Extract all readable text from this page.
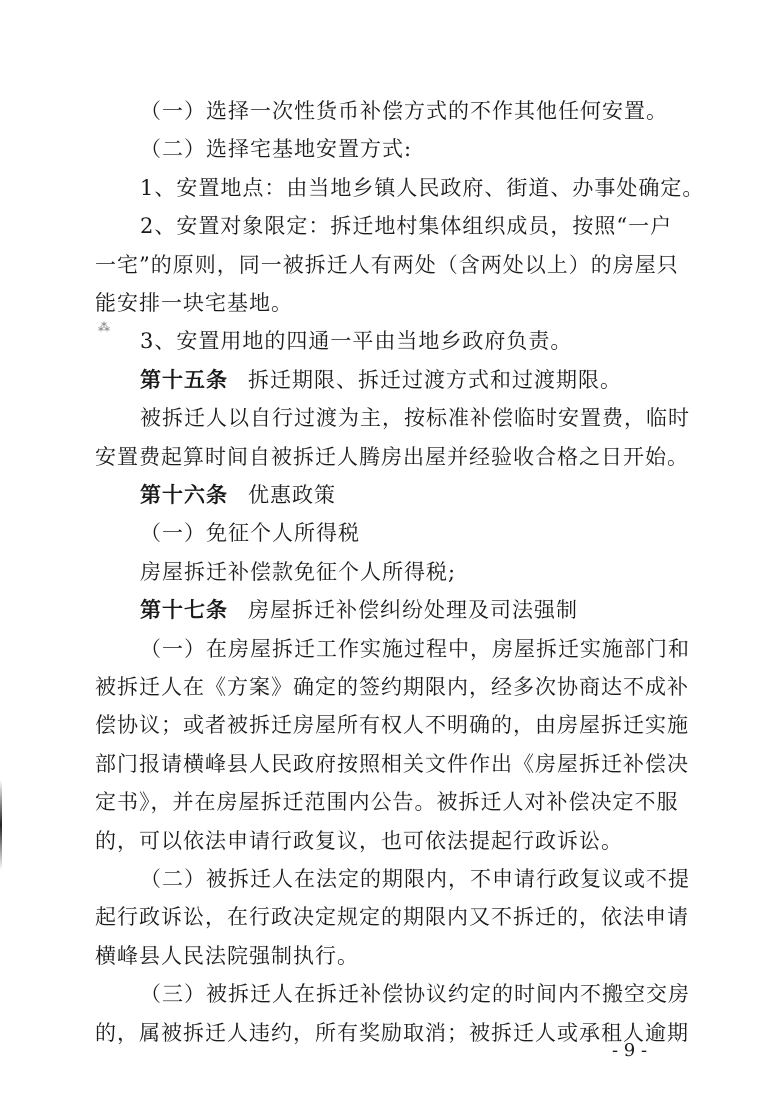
⁂
（一）选择一次性货币补偿方式的不作其他任何安置。
（二）选择宅基地安置方式:
1、安置地点：由当地乡镇人民政府、街道、办事处确定。
2、安置对象限定：拆迁地村集体组织成员，按照“一户
一宅”的原则，同一被拆迁人有两处（含两处以上）的房屋只
能安排一块宅基地。
3、安置用地的四通一平由当地乡政府负责。
第十五条 拆迁期限、拆迁过渡方式和过渡期限。
被拆迁人以自行过渡为主，按标准补偿临时安置费，临时
安置费起算时间自被拆迁人腾房出屋并经验收合格之日开始。
第十六条 优惠政策
（一）免征个人所得税
房屋拆迁补偿款免征个人所得税;
第十七条 房屋拆迁补偿纠纷处理及司法强制
（一）在房屋拆迁工作实施过程中，房屋拆迁实施部门和
被拆迁人在《方案》确定的签约期限内，经多次协商达不成补
偿协议；或者被拆迁房屋所有权人不明确的，由房屋拆迁实施
部门报请横峰县人民政府按照相关文件作出《房屋拆迁补偿决
定书》，并在房屋拆迁范围内公告。被拆迁人对补偿决定不服
的，可以依法申请行政复议，也可依法提起行政诉讼。
（二）被拆迁人在法定的期限内，不申请行政复议或不提
起行政诉讼，在行政决定规定的期限内又不拆迁的，依法申请
横峰县人民法院强制执行。
（三）被拆迁人在拆迁补偿协议约定的时间内不搬空交房
的，属被拆迁人违约，所有奖励取消；被拆迁人或承租人逾期
- 9 -
